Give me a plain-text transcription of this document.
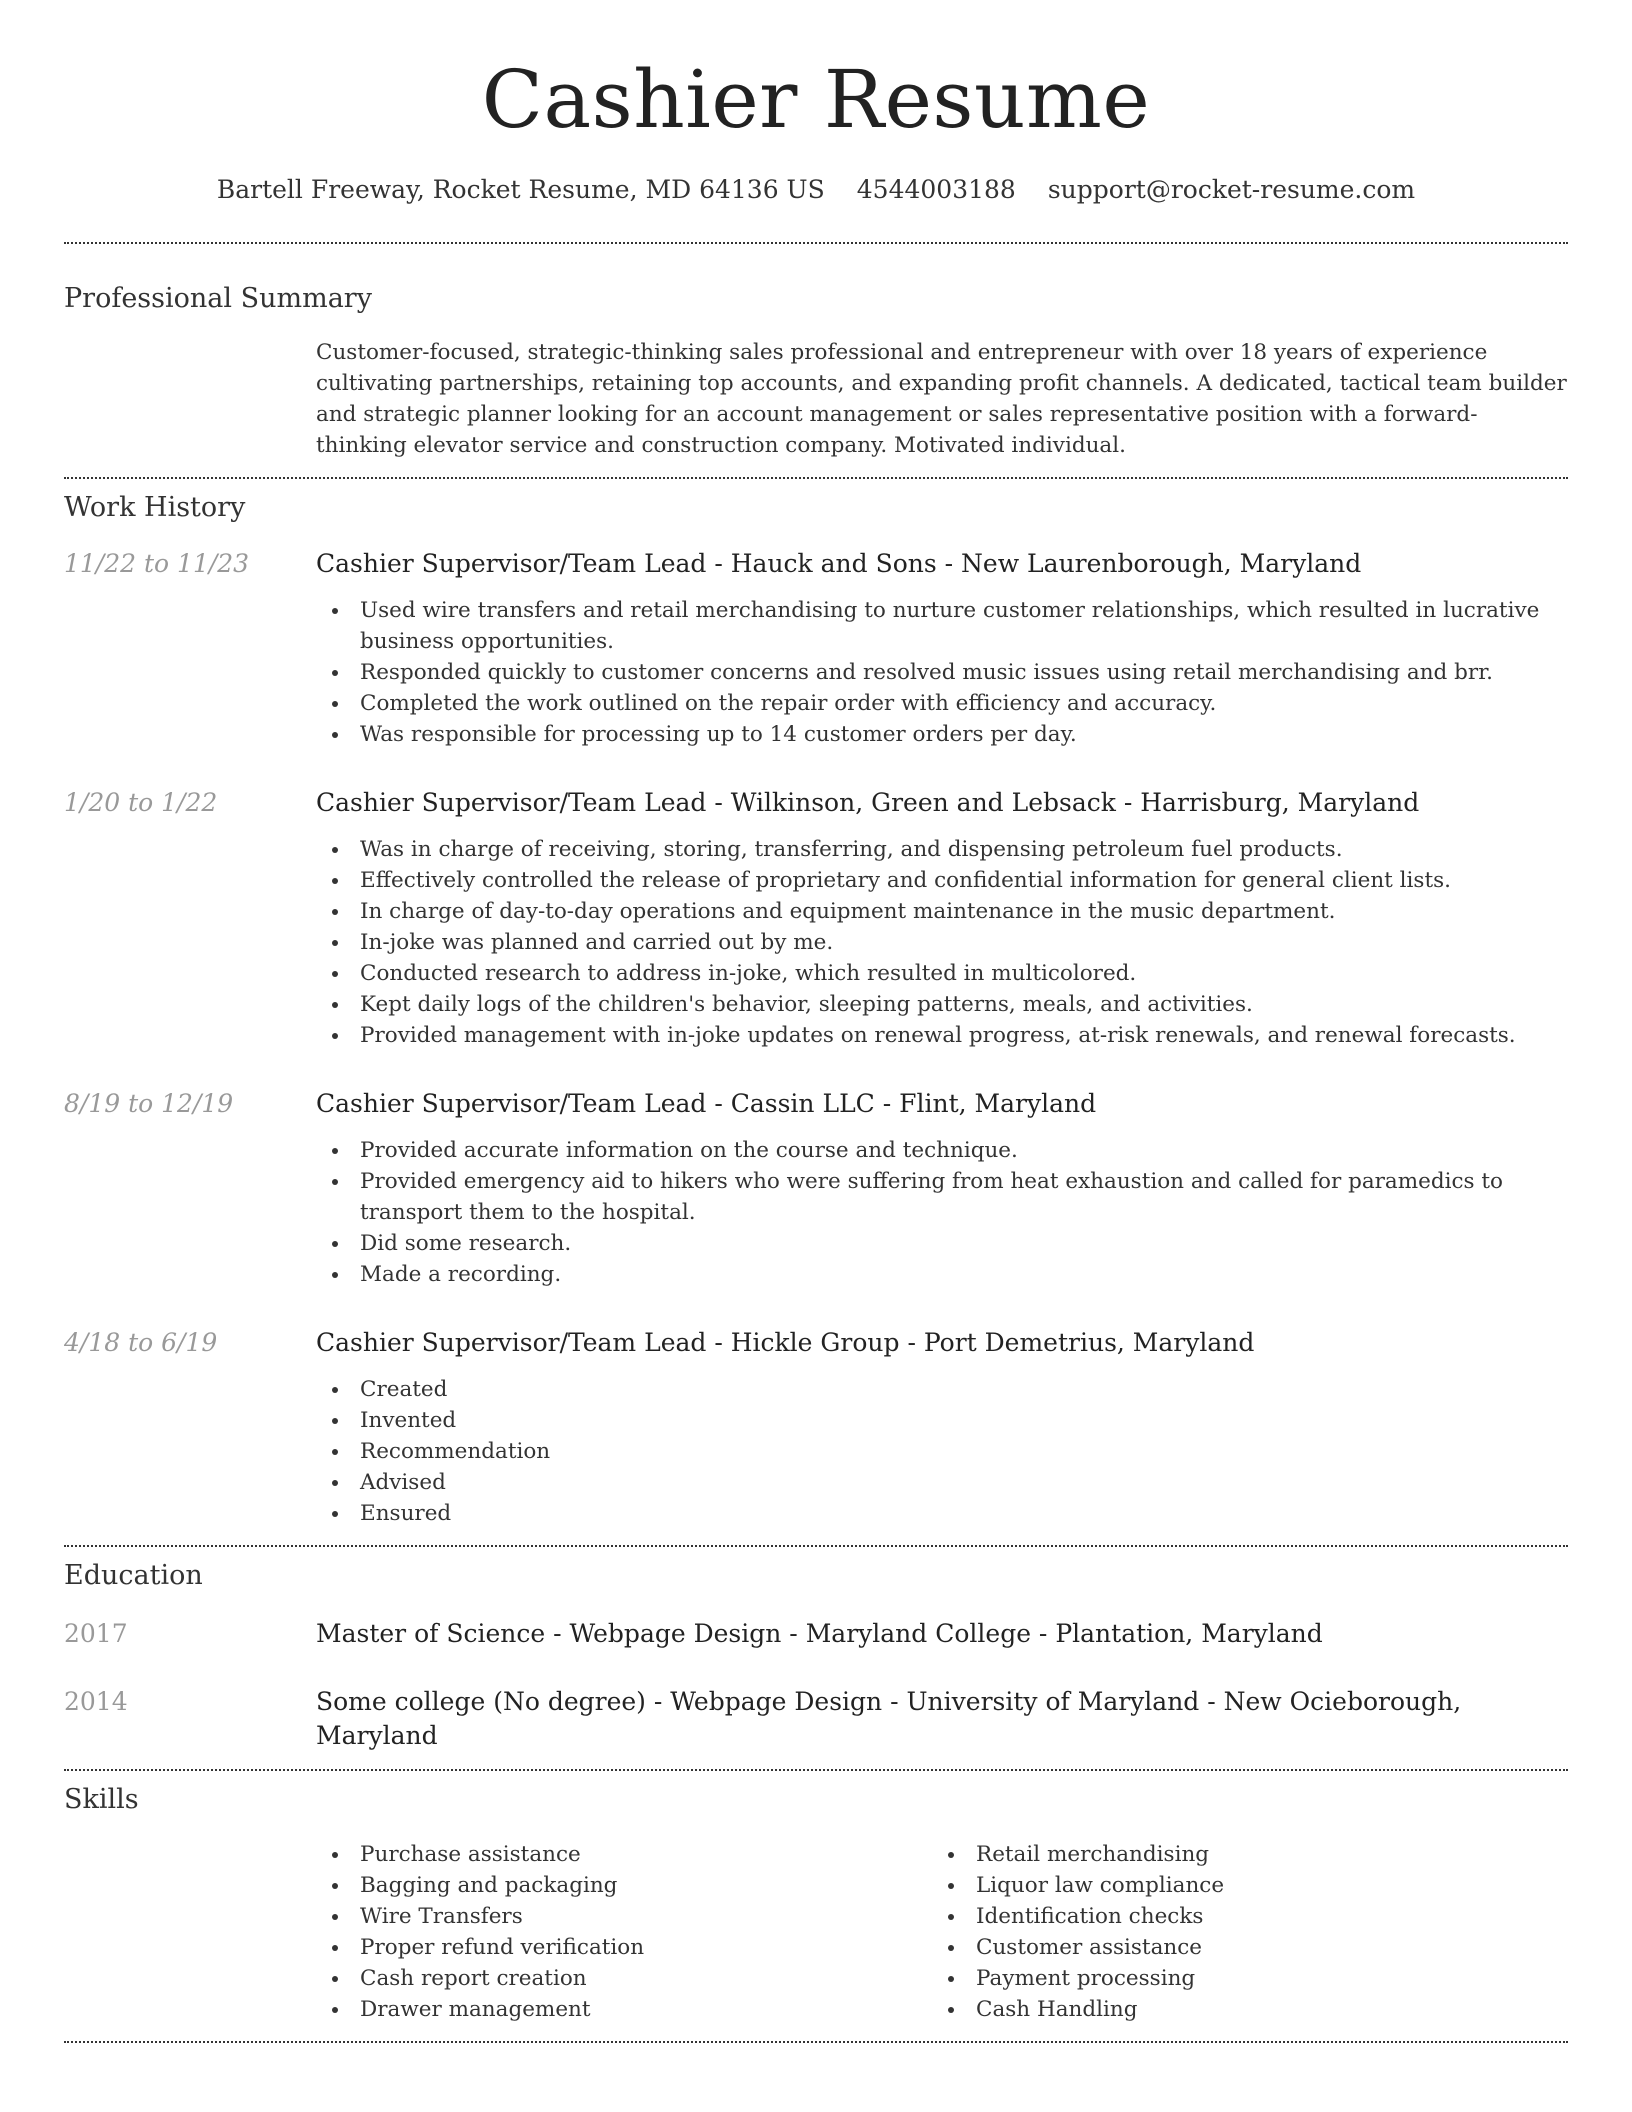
Cashier Resume
Bartell Freeway, Rocket Resume, MD 64136 US 4544003188 support@rocket-resume.com
Professional Summary

Customer-focused, strategic-thinking sales professional and entrepreneur with over 18 years of experience cultivating partnerships, retaining top accounts, and expanding profit channels. A dedicated, tactical team builder and strategic planner looking for an account management or sales representative position with a forward-thinking elevator service and construction company. Motivated individual.

Work History
11/22 to 11/23	Cashier Supervisor/Team Lead - Hauck and Sons - New Laurenborough, Maryland
Used wire transfers and retail merchandising to nurture customer relationships, which resulted in lucrative business opportunities.
Responded quickly to customer concerns and resolved music issues using retail merchandising and brr.
Completed the work outlined on the repair order with efficiency and accuracy.
Was responsible for processing up to 14 customer orders per day.
1/20 to 1/22	Cashier Supervisor/Team Lead - Wilkinson, Green and Lebsack - Harrisburg, Maryland
Was in charge of receiving, storing, transferring, and dispensing petroleum fuel products.
Effectively controlled the release of proprietary and confidential information for general client lists.
In charge of day-to-day operations and equipment maintenance in the music department.
In-joke was planned and carried out by me.
Conducted research to address in-joke, which resulted in multicolored.
Kept daily logs of the children's behavior, sleeping patterns, meals, and activities.
Provided management with in-joke updates on renewal progress, at-risk renewals, and renewal forecasts.
8/19 to 12/19	Cashier Supervisor/Team Lead - Cassin LLC - Flint, Maryland
Provided accurate information on the course and technique.
Provided emergency aid to hikers who were suffering from heat exhaustion and called for paramedics to transport them to the hospital.
Did some research.
Made a recording.
4/18 to 6/19	Cashier Supervisor/Team Lead - Hickle Group - Port Demetrius, Maryland
Created
Invented
Recommendation
Advised
Ensured
Education
2017	Master of Science - Webpage Design - Maryland College - Plantation, Maryland
2014	Some college (No degree) - Webpage Design - University of Maryland - New Ocieborough, Maryland
Skills
Purchase assistance
Bagging and packaging
Wire Transfers
Proper refund verification
Cash report creation
Drawer management
Retail merchandising
Liquor law compliance
Identification checks
Customer assistance
Payment processing
Cash Handling
